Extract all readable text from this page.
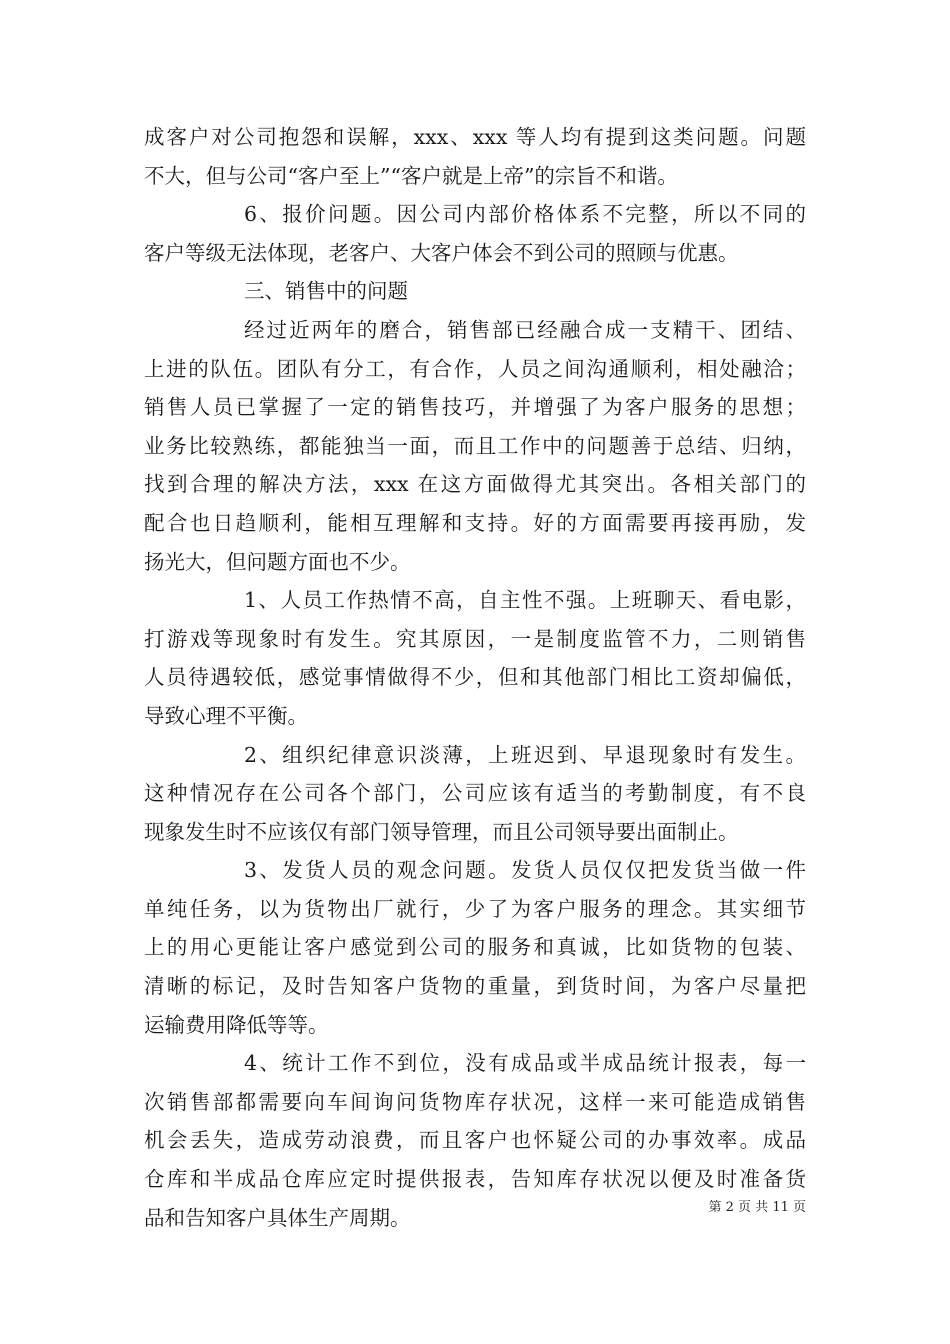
成客户对公司抱怨和误解，xxx、xxx 等人均有提到这类问题。问题

不大，但与公司“客户至上”“客户就是上帝”的宗旨不和谐。

6、报价问题。因公司内部价格体系不完整，所以不同的

客户等级无法体现，老客户、大客户体会不到公司的照顾与优惠。

三、销售中的问题

经过近两年的磨合，销售部已经融合成一支精干、团结、

上进的队伍。团队有分工，有合作，人员之间沟通顺利，相处融洽；

销售人员已掌握了一定的销售技巧，并增强了为客户服务的思想；

业务比较熟练，都能独当一面，而且工作中的问题善于总结、归纳，

找到合理的解决方法，xxx 在这方面做得尤其突出。各相关部门的

配合也日趋顺利，能相互理解和支持。好的方面需要再接再励，发

扬光大，但问题方面也不少。

1、人员工作热情不高，自主性不强。上班聊天、看电影，

打游戏等现象时有发生。究其原因，一是制度监管不力，二则销售

人员待遇较低，感觉事情做得不少，但和其他部门相比工资却偏低，

导致心理不平衡。

2、组织纪律意识淡薄，上班迟到、早退现象时有发生。

这种情况存在公司各个部门，公司应该有适当的考勤制度，有不良

现象发生时不应该仅有部门领导管理，而且公司领导要出面制止。

3、发货人员的观念问题。发货人员仅仅把发货当做一件

单纯任务，以为货物出厂就行，少了为客户服务的理念。其实细节

上的用心更能让客户感觉到公司的服务和真诚，比如货物的包装、

清晰的标记，及时告知客户货物的重量，到货时间，为客户尽量把

运输费用降低等等。

4、统计工作不到位，没有成品或半成品统计报表，每一

次销售部都需要向车间询问货物库存状况，这样一来可能造成销售

机会丢失，造成劳动浪费，而且客户也怀疑公司的办事效率。成品

仓库和半成品仓库应定时提供报表，告知库存状况以便及时准备货

品和告知客户具体生产周期。	第 2 页 共 11 页
